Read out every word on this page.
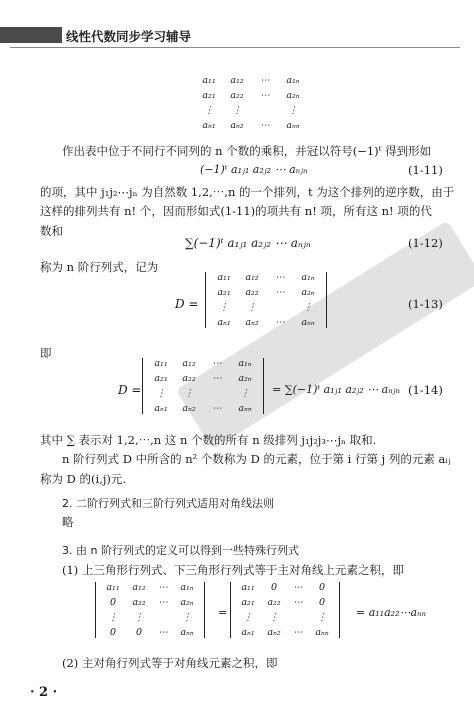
线性代数同步学习辅导
a₁₁	a₁₂	⋯	a₁ₙ
a₂₁	a₂₂	⋯	a₂ₙ
⋮	⋮	⋮
aₙ₁	aₙ₂	⋯	aₙₙ
作出表中位于不同行不同列的 n 个数的乘积，并冠以符号(−1)ᵗ 得到形如
(−1)ᵗ a₁ⱼ₁ a₂ⱼ₂ ⋯ aₙⱼₙ	(1-11)
的项，其中 j₁j₂⋯jₙ 为自然数 1,2,⋯,n 的一个排列，t 为这个排列的逆序数，由于
这样的排列共有 n! 个，因而形如式(1-11)的项共有 n! 项，所有这 n! 项的代
数和
∑(−1)ᵗ a₁ⱼ₁ a₂ⱼ₂ ⋯ aₙⱼₙ	(1-12)
称为 n 阶行列式，记为
D =
a₁₁	a₁₂	⋯	a₁ₙ
a₂₁	a₂₂	⋯	a₂ₙ
⋮	⋮	⋮
aₙ₁	aₙ₂	⋯	aₙₙ
(1-13)
即
D =
a₁₁	a₁₂	⋯	a₁ₙ
a₂₁	a₂₂	⋯	a₂ₙ
⋮	⋮	⋮
aₙ₁	aₙ₂	⋯	aₙₙ
= ∑(−1)ᵗ a₁ⱼ₁ a₂ⱼ₂ ⋯ aₙⱼₙ (1-14)
其中 ∑ 表示对 1,2,⋯,n 这 n 个数的所有 n 级排列 j₁j₂j₃⋯jₙ 取和.
n 阶行列式 D 中所含的 n² 个数称为 D 的元素，位于第 i 行第 j 列的元素 aᵢⱼ
称为 D 的(i,j)元.
2. 二阶行列式和三阶行列式适用对角线法则
略
3. 由 n 阶行列式的定义可以得到一些特殊行列式
(1) 上三角形行列式、下三角形行列式等于主对角线上元素之积，即
a₁₁	a₁₂	⋯	a₁ₙ
0	a₂₂	⋯	a₂ₙ
⋮	⋮	⋮
0	0	⋯	aₙₙ
=
a₁₁	0	⋯	0
a₂₁	a₂₂	⋯	0
⋮	⋮	⋮
aₙ₁	aₙ₂	⋯	aₙₙ
= a₁₁a₂₂⋯aₙₙ
(2) 主对角行列式等于对角线元素之积，即
· 2 ·
